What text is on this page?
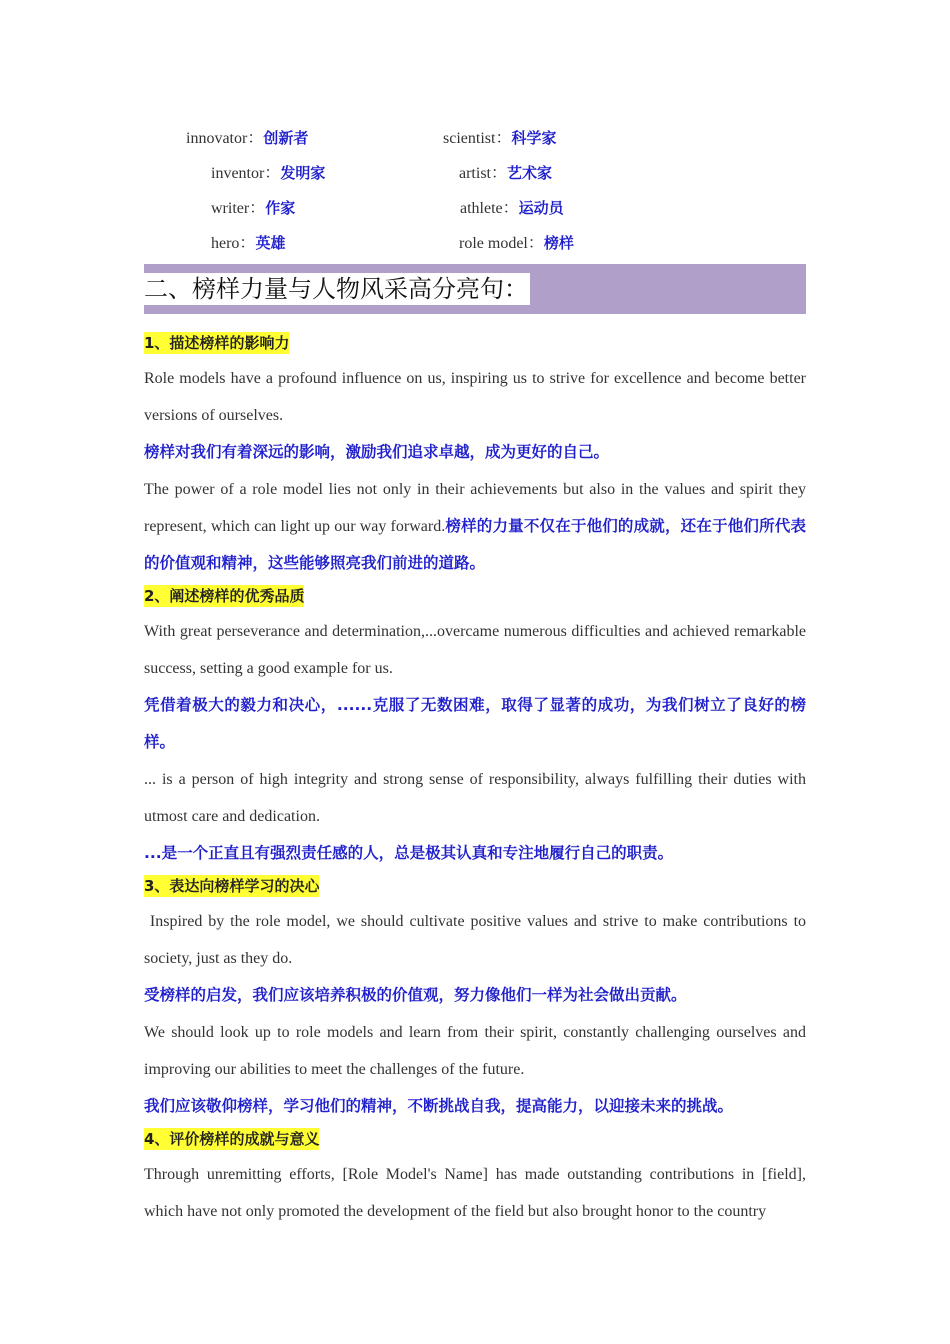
innovator：创新者	scientist：科学家
inventor：发明家	artist：艺术家
writer：作家	athlete：运动员
hero：英雄	role model：榜样
二、榜样力量与人物风采高分亮句：
1、描述榜样的影响力

Role models have a profound influence on us, inspiring us to strive for excellence and become better versions of ourselves.

榜样对我们有着深远的影响，激励我们追求卓越，成为更好的自己。

The power of a role model lies not only in their achievements but also in the values and spirit they represent, which can light up our way forward.榜样的力量不仅在于他们的成就，还在于他们所代表的价值观和精神，这些能够照亮我们前进的道路。

2、阐述榜样的优秀品质

With great perseverance and determination,...overcame numerous difficulties and achieved remarkable success, setting a good example for us.

凭借着极大的毅力和决心，......克服了无数困难，取得了显著的成功，为我们树立了良好的榜样。

... is a person of high integrity and strong sense of responsibility, always fulfilling their duties with utmost care and dedication.

...是一个正直且有强烈责任感的人，总是极其认真和专注地履行自己的职责。

3、表达向榜样学习的决心

Inspired by the role model, we should cultivate positive values and strive to make contributions to society, just as they do.

受榜样的启发，我们应该培养积极的价值观，努力像他们一样为社会做出贡献。

We should look up to role models and learn from their spirit, constantly challenging ourselves and improving our abilities to meet the challenges of the future.

我们应该敬仰榜样，学习他们的精神，不断挑战自我，提高能力，以迎接未来的挑战。

4、评价榜样的成就与意义

Through unremitting efforts, [Role Model's Name] has made outstanding contributions in [field], which have not only promoted the development of the field but also brought honor to the country
